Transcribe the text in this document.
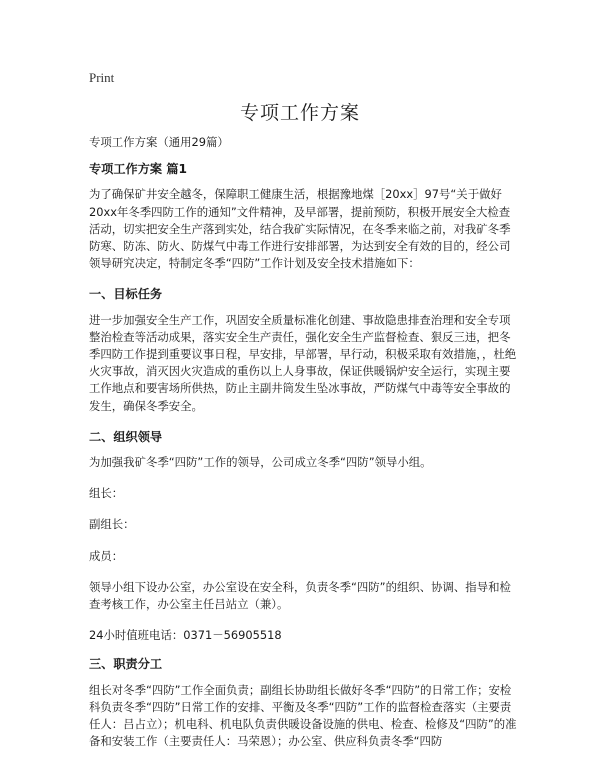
Print
专项工作方案
专项工作方案（通用29篇）
专项工作方案 篇1

为了确保矿井安全越冬，保障职工健康生活，根据豫地煤［20xx］97号“关于做好20xx年冬季四防工作的通知”文件精神，及早部署，提前预防，积极开展安全大检查活动，切实把安全生产落到实处，结合我矿实际情况，在冬季来临之前，对我矿冬季防寒、防冻、防火、防煤气中毒工作进行安排部署，为达到安全有效的目的，经公司领导研究决定，特制定冬季“四防”工作计划及安全技术措施如下：

一、目标任务

进一步加强安全生产工作，巩固安全质量标准化创建、事故隐患排查治理和安全专项整治检查等活动成果，落实安全生产责任，强化安全生产监督检查、狠反三违，把冬季四防工作提到重要议事日程，早安排，早部署，早行动，积极采取有效措施，，杜绝火灾事故，消灭因火灾造成的重伤以上人身事故，保证供暖锅炉安全运行，实现主要工作地点和要害场所供热，防止主副井筒发生坠冰事故，严防煤气中毒等安全事故的发生，确保冬季安全。

二、组织领导

为加强我矿冬季“四防”工作的领导，公司成立冬季“四防”领导小组。

组长：

副组长：

成员：

领导小组下设办公室，办公室设在安全科，负责冬季“四防”的组织、协调、指导和检查考核工作，办公室主任吕站立（兼）。

24小时值班电话：0371－56905518

三、职责分工

组长对冬季“四防”工作全面负责；副组长协助组长做好冬季“四防”的日常工作；安检科负责冬季“四防”日常工作的安排、平衡及冬季“四防”工作的监督检查落实（主要责任人：吕占立）；机电科、机电队负责供暖设备设施的供电、检查、检修及“四防”的准备和安装工作（主要责任人：马荣恩）；办公室、供应科负责冬季“四防
